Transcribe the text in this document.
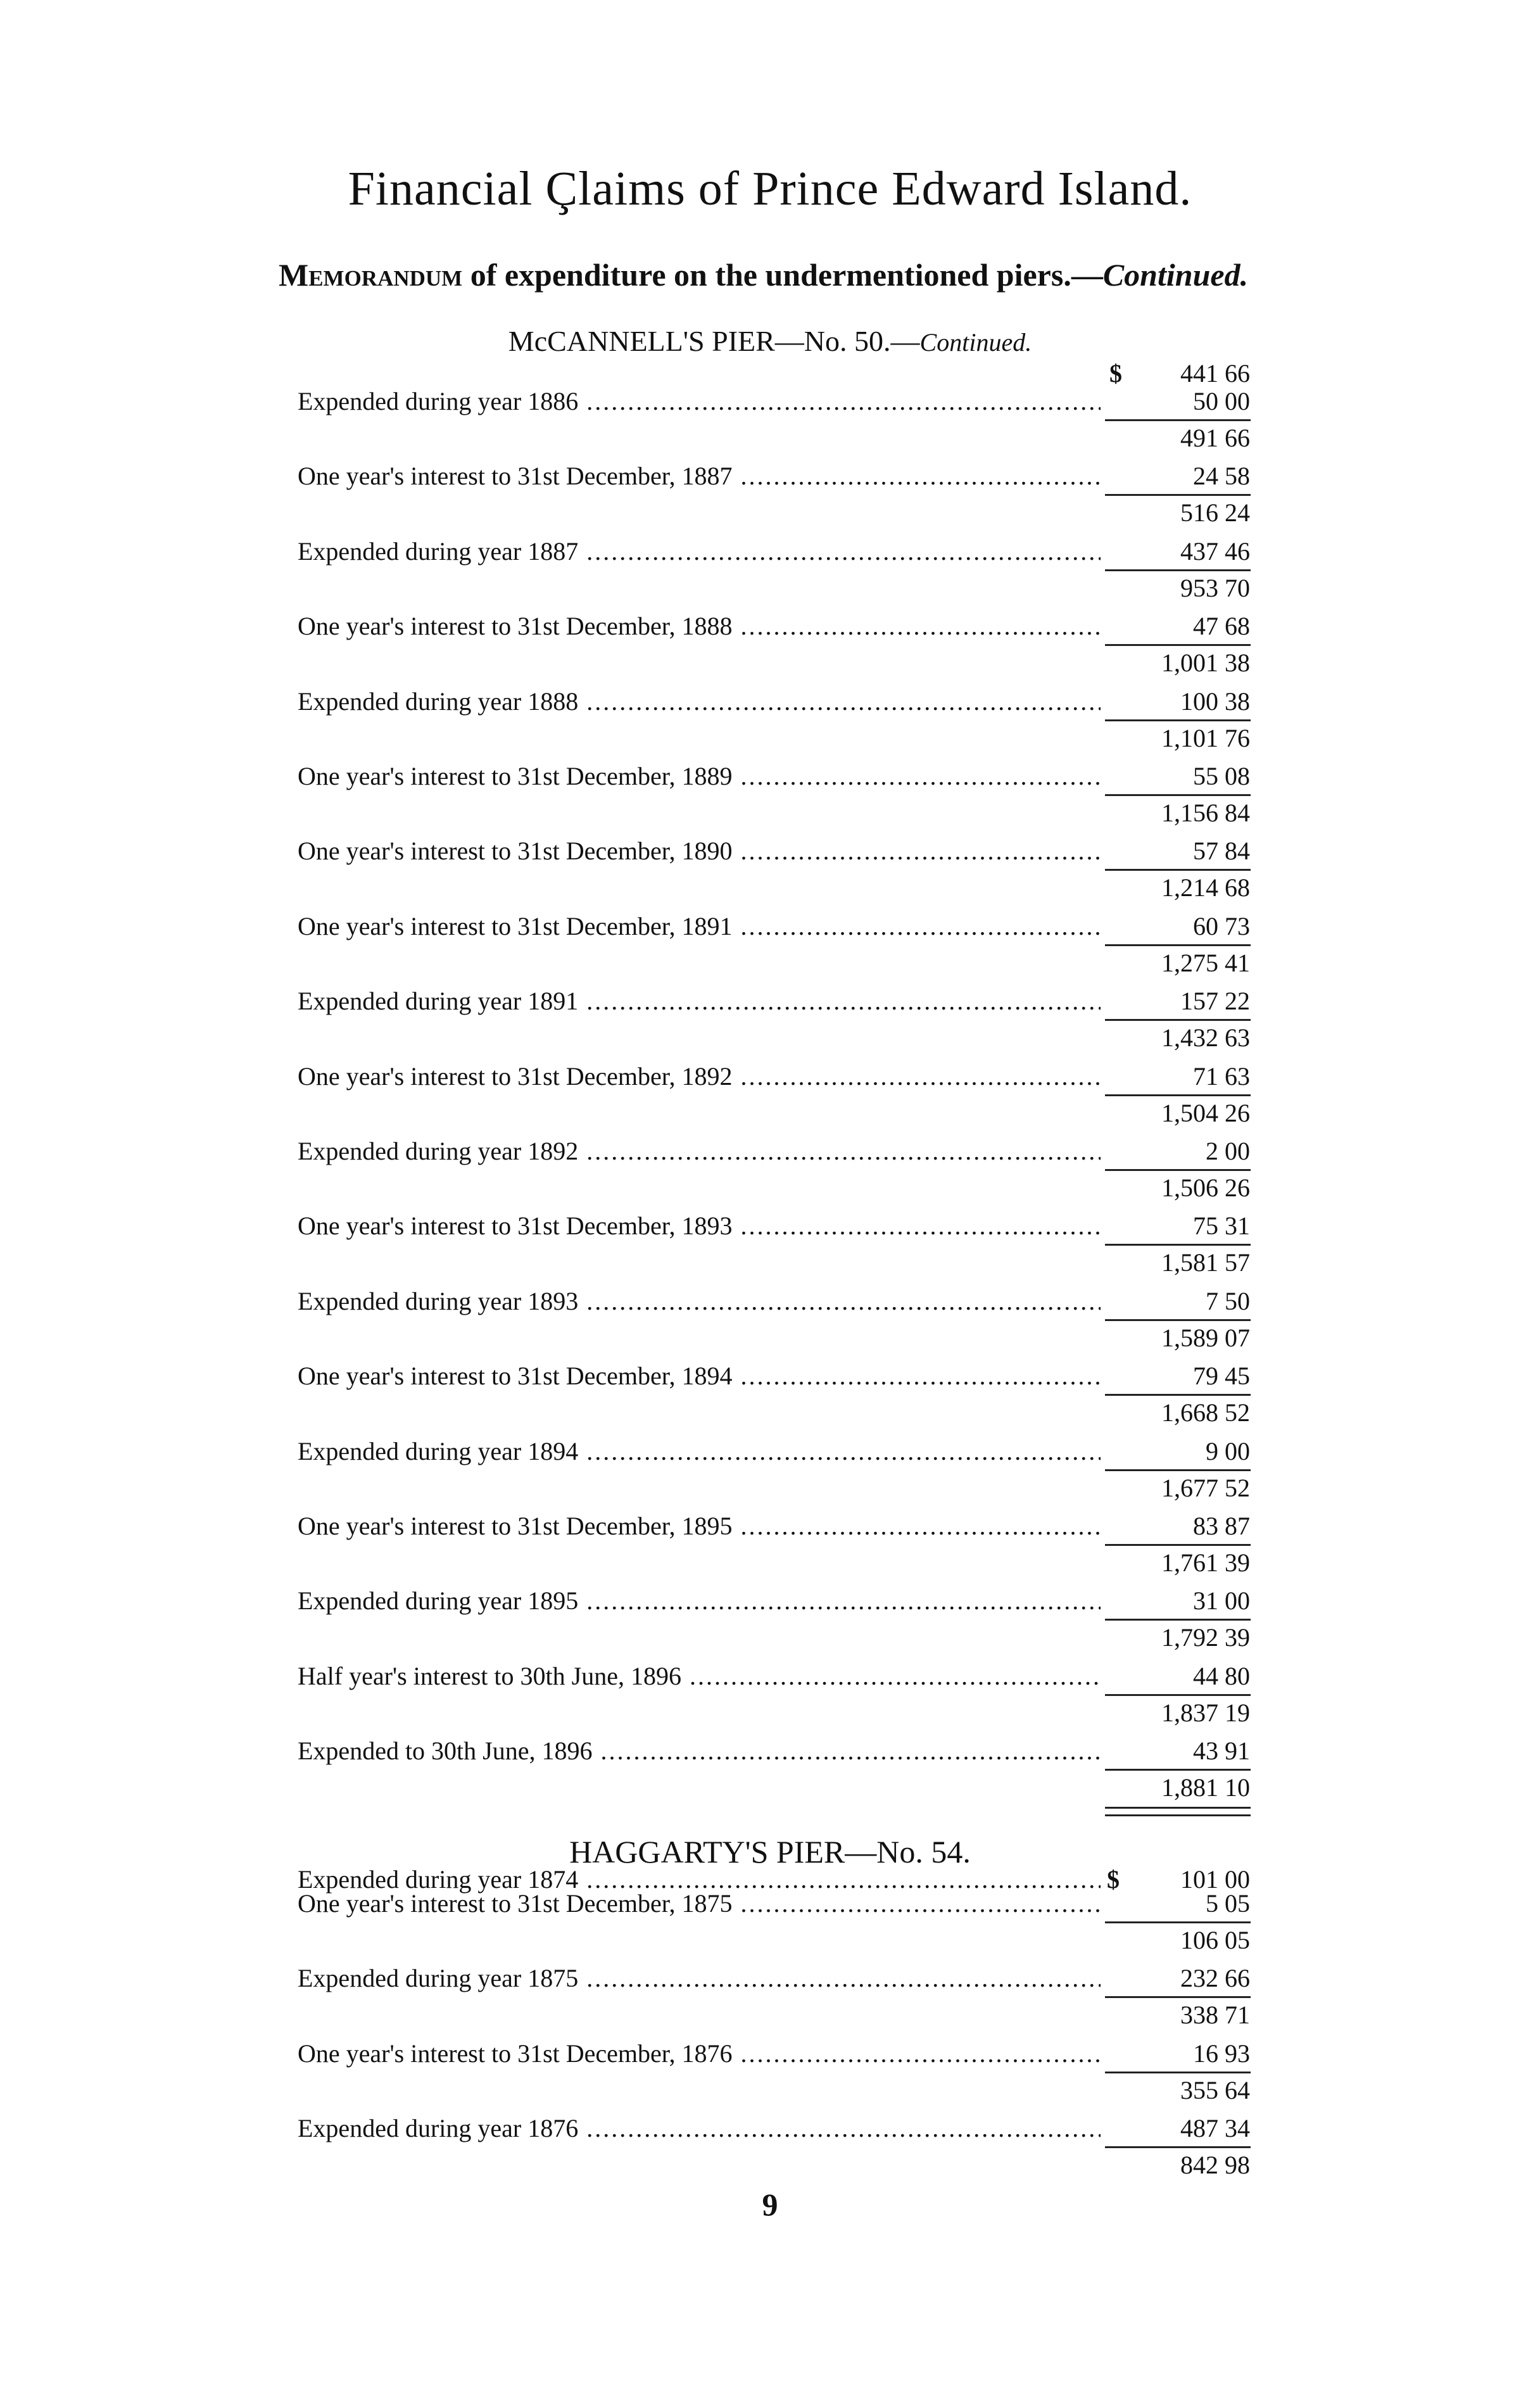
Financial Çlaims of Prince Edward Island.
Memorandum of expenditure on the undermentioned piers.—Continued.
McCANNELL'S PIER—No. 50.—Continued.
$	441 66
Expended during year 1886 .....	50 00
491 66
One year's interest to 31st December, 1887 .....	24 58
516 24
Expended during year 1887 .....	437 46
953 70
One year's interest to 31st December, 1888 .....	47 68
1,001 38
Expended during year 1888 .....	100 38
1,101 76
One year's interest to 31st December, 1889 .....	55 08
1,156 84
One year's interest to 31st December, 1890 .....	57 84
1,214 68
One year's interest to 31st December, 1891 .....	60 73
1,275 41
Expended during year 1891 .....	157 22
1,432 63
One year's interest to 31st December, 1892 .....	71 63
1,504 26
Expended during year 1892 .....	2 00
1,506 26
One year's interest to 31st December, 1893 .....	75 31
1,581 57
Expended during year 1893 .....	7 50
1,589 07
One year's interest to 31st December, 1894 .....	79 45
1,668 52
Expended during year 1894 .....	9 00
1,677 52
One year's interest to 31st December, 1895 .....	83 87
1,761 39
Expended during year 1895 .....	31 00
1,792 39
Half year's interest to 30th June, 1896 .....	44 80
1,837 19
Expended to 30th June, 1896 .....	43 91
1,881 10
HAGGARTY'S PIER—No. 54.
Expended during year 1874 .....	$	101 00
One year's interest to 31st December, 1875 .....	5 05
106 05
Expended during year 1875 .....	232 66
338 71
One year's interest to 31st December, 1876 .....	16 93
355 64
Expended during year 1876 .....	487 34
842 98
9
